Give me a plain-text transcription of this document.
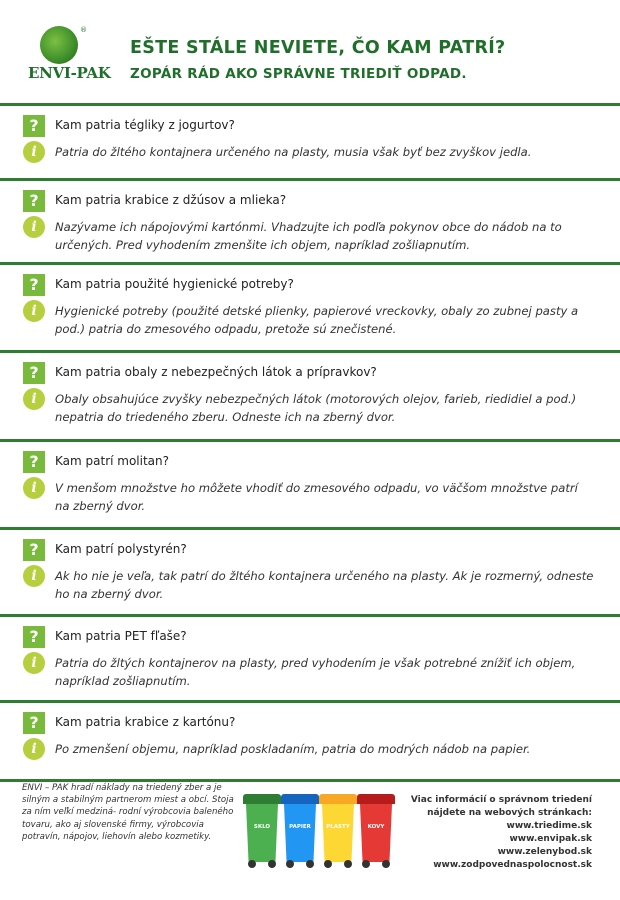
®
ENVI-PAK
EŠTE STÁLE NEVIETE, ČO KAM PATRÍ?
ZOPÁR RÁD AKO SPRÁVNE TRIEDIŤ ODPAD.
?	Kam patria tégliky z jogurtov?
i	Patria do žltého kontajnera určeného na plasty, musia však byť bez zvyškov jedla.
?	Kam patria krabice z džúsov a mlieka?
i	Nazývame ich nápojovými kartónmi. Vhadzujte ich podľa pokynov obce do nádob na to určených. Pred vyhodením zmenšite ich objem, napríklad zošliapnutím.
?	Kam patria použité hygienické potreby?
i	Hygienické potreby (použité detské plienky, papierové vreckovky, obaly zo zubnej pasty a pod.) patria do zmesového odpadu, pretože sú znečistené.
?	Kam patria obaly z nebezpečných látok a prípravkov?
i	Obaly obsahujúce zvyšky nebezpečných látok (motorových olejov, farieb, riedidiel a pod.) nepatria do triedeného zberu. Odneste ich na zberný dvor.
?	Kam patrí molitan?
i	V menšom množstve ho môžete vhodiť do zmesového odpadu, vo väčšom množstve patrí na zberný dvor.
?	Kam patrí polystyrén?
i	Ak ho nie je veľa, tak patrí do žltého kontajnera určeného na plasty. Ak je rozmerný, odneste ho na zberný dvor.
?	Kam patria PET fľaše?
i	Patria do žltých kontajnerov na plasty, pred vyhodením je však potrebné znížiť ich objem, napríklad zošliapnutím.
?	Kam patria krabice z kartónu?
i	Po zmenšení objemu, napríklad poskladaním, patria do modrých nádob na papier.
ENVI – PAK hradí náklady na triedený zber a je silným a stabilným partnerom miest a obcí. Stoja za ním veľkí medziná- rodní výrobcovia baleného tovaru, ako aj slovenské firmy, výrobcovia potravín, nápojov, liehovín alebo kozmetiky.
SKLO	PAPIER	PLASTY	KOVY
Viac informácií o správnom triedení
nájdete na webových stránkach:
www.triedime.sk
www.envipak.sk
www.zelenybod.sk
www.zodpovednaspolocnost.sk
